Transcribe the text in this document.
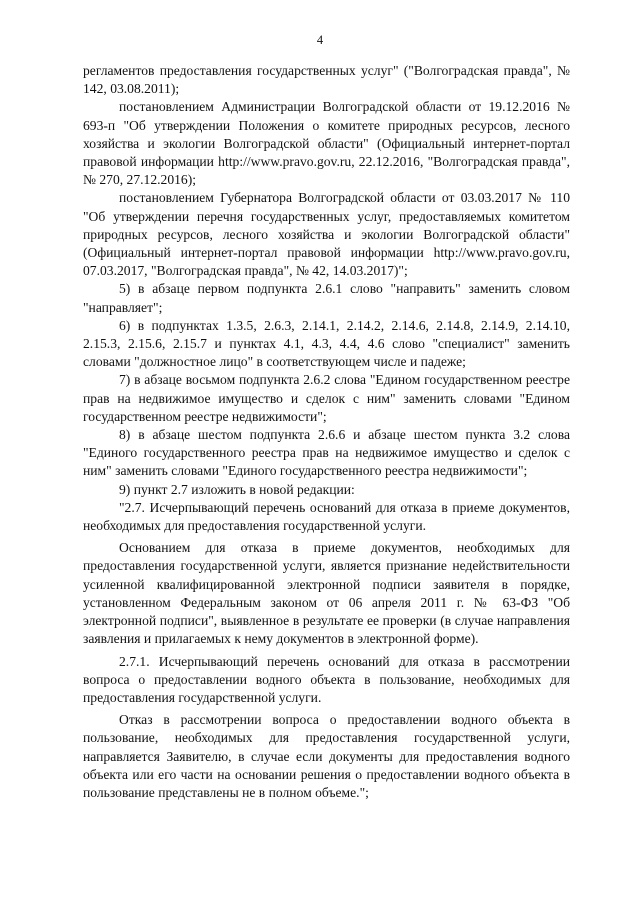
4

регламентов предоставления государственных услуг" ("Волгоградская правда", № 142, 03.08.2011);

постановлением Администрации Волгоградской области от 19.12.2016 № 693-п "Об утверждении Положения о комитете природных ресурсов, лесного хозяйства и экологии Волгоградской области" (Официальный интернет-портал правовой информации http://www.pravo.gov.ru, 22.12.2016, "Волгоградская правда", № 270, 27.12.2016);

постановлением Губернатора Волгоградской области от 03.03.2017 № 110 "Об утверждении перечня государственных услуг, предоставляемых комитетом природных ресурсов, лесного хозяйства и экологии Волгоградской области" (Официальный интернет-портал правовой информации http://www.pravo.gov.ru, 07.03.2017, "Волгоградская правда", № 42, 14.03.2017)";

5) в абзаце первом подпункта 2.6.1 слово "направить" заменить словом "направляет";

6) в подпунктах 1.3.5, 2.6.3, 2.14.1, 2.14.2, 2.14.6, 2.14.8, 2.14.9, 2.14.10, 2.15.3, 2.15.6, 2.15.7 и пунктах 4.1, 4.3, 4.4, 4.6 слово "специалист" заменить словами "должностное лицо" в соответствующем числе и падеже;

7) в абзаце восьмом подпункта 2.6.2 слова "Едином государственном реестре прав на недвижимое имущество и сделок с ним" заменить словами "Едином государственном реестре недвижимости";

8) в абзаце шестом подпункта 2.6.6 и абзаце шестом пункта 3.2 слова "Единого государственного реестра прав на недвижимое имущество и сделок с ним" заменить словами "Единого государственного реестра недвижимости";

9) пункт 2.7 изложить в новой редакции:

"2.7. Исчерпывающий перечень оснований для отказа в приеме документов, необходимых для предоставления государственной услуги.

Основанием для отказа в приеме документов, необходимых для предоставления государственной услуги, является признание недействительности усиленной квалифицированной электронной подписи заявителя в порядке, установленном Федеральным законом от 06 апреля 2011 г. № 63-ФЗ "Об электронной подписи", выявленное в результате ее проверки (в случае направления заявления и прилагаемых к нему документов в электронной форме).

2.7.1. Исчерпывающий перечень оснований для отказа в рассмотрении вопроса о предоставлении водного объекта в пользование, необходимых для предоставления государственной услуги.

Отказ в рассмотрении вопроса о предоставлении водного объекта в пользование, необходимых для предоставления государственной услуги, направляется Заявителю, в случае если документы для предоставления водного объекта или его части на основании решения о предоставлении водного объекта в пользование представлены не в полном объеме.";
